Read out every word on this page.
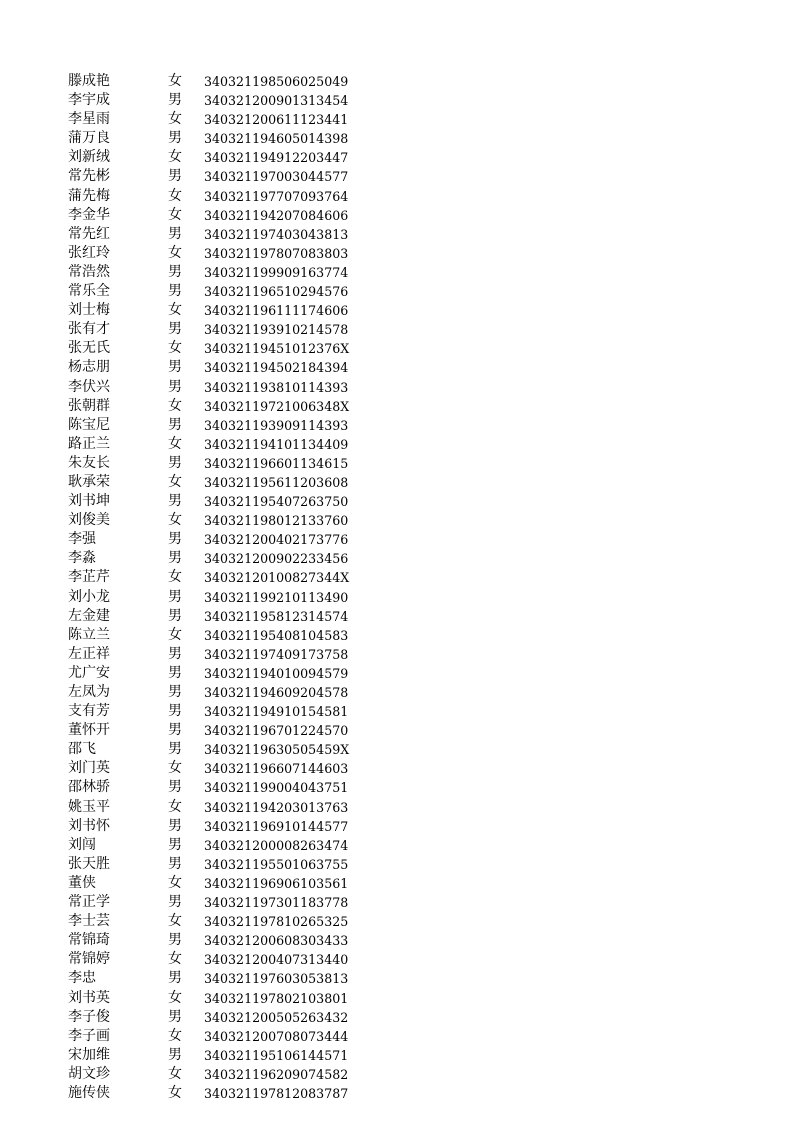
滕成艳	女	340321198506025049
李宇成	男	340321200901313454
李星雨	女	340321200611123441
蒲万良	男	340321194605014398
刘新绒	女	340321194912203447
常先彬	男	340321197003044577
蒲先梅	女	340321197707093764
李金华	女	340321194207084606
常先红	男	340321197403043813
张红玲	女	340321197807083803
常浩然	男	340321199909163774
常乐全	男	340321196510294576
刘士梅	女	340321196111174606
张有才	男	340321193910214578
张无氏	女	34032119451012376X
杨志朋	男	340321194502184394
李伏兴	男	340321193810114393
张朝群	女	34032119721006348X
陈宝尼	男	340321193909114393
路正兰	女	340321194101134409
朱友长	男	340321196601134615
耿承荣	女	340321195611203608
刘书坤	男	340321195407263750
刘俊美	女	340321198012133760
李强	男	340321200402173776
李淼	男	340321200902233456
李芷芹	女	34032120100827344X
刘小龙	男	340321199210113490
左金建	男	340321195812314574
陈立兰	女	340321195408104583
左正祥	男	340321197409173758
尤广安	男	340321194010094579
左凤为	男	340321194609204578
支有芳	男	340321194910154581
董怀开	男	340321196701224570
邵飞	男	34032119630505459X
刘门英	女	340321196607144603
邵林骄	男	340321199004043751
姚玉平	女	340321194203013763
刘书怀	男	340321196910144577
刘闯	男	340321200008263474
张天胜	男	340321195501063755
董侠	女	340321196906103561
常正学	男	340321197301183778
李士芸	女	340321197810265325
常锦琦	男	340321200608303433
常锦婷	女	340321200407313440
李忠	男	340321197603053813
刘书英	女	340321197802103801
李子俊	男	340321200505263432
李子画	女	340321200708073444
宋加维	男	340321195106144571
胡文珍	女	340321196209074582
施传侠	女	340321197812083787
